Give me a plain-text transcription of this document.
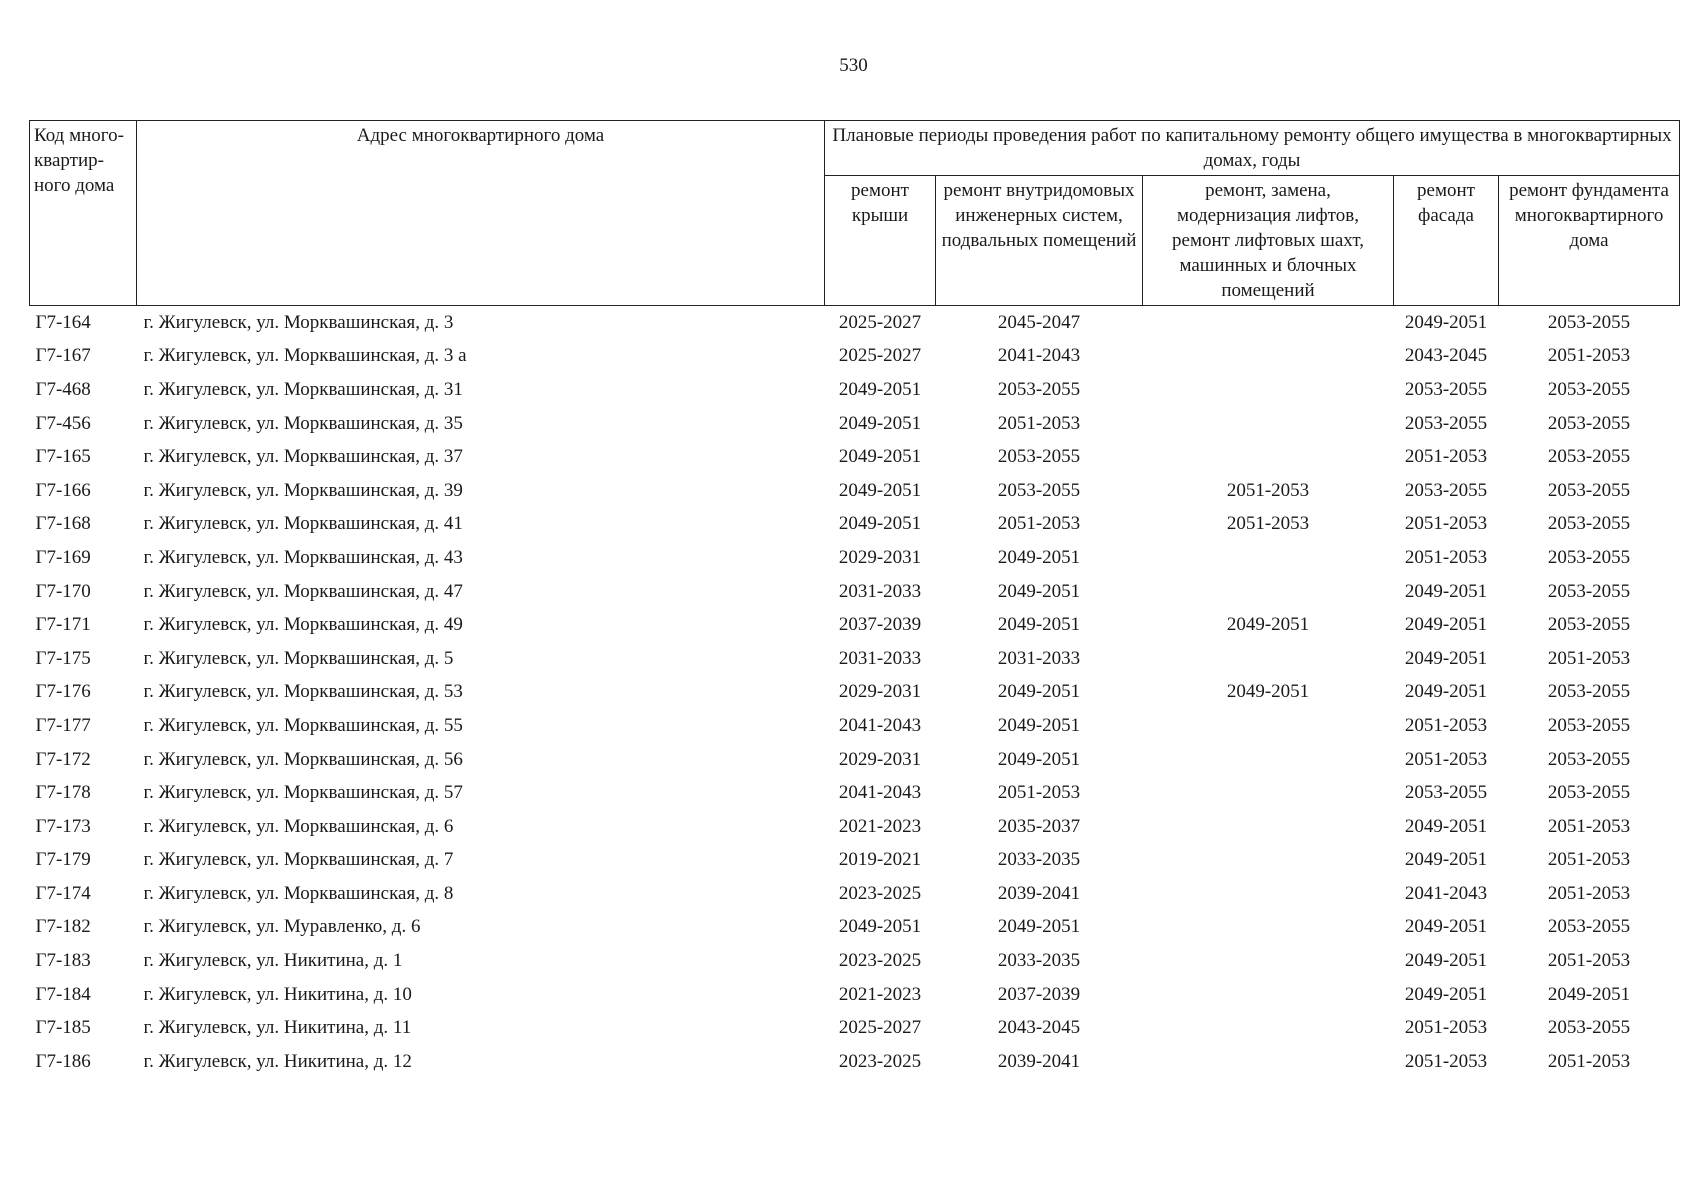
530
Код много-квартир-ного дома	Адрес многоквартирного дома	Плановые периоды проведения работ по капитальному ремонту общего имущества в многоквартирных домах, годы				
		ремонт крыши	ремонт внутридомовых инженерных систем, подвальных помещений	ремонт, замена, модернизация лифтов, ремонт лифтовых шахт, машинных и блочных помещений	ремонт фасада	ремонт фундамента многоквартирного дома
Г7-164	г. Жигулевск, ул. Морквашинская, д. 3	2025-2027	2045-2047		2049-2051	2053-2055
Г7-167	г. Жигулевск, ул. Морквашинская, д. 3 а	2025-2027	2041-2043		2043-2045	2051-2053
Г7-468	г. Жигулевск, ул. Морквашинская, д. 31	2049-2051	2053-2055		2053-2055	2053-2055
Г7-456	г. Жигулевск, ул. Морквашинская, д. 35	2049-2051	2051-2053		2053-2055	2053-2055
Г7-165	г. Жигулевск, ул. Морквашинская, д. 37	2049-2051	2053-2055		2051-2053	2053-2055
Г7-166	г. Жигулевск, ул. Морквашинская, д. 39	2049-2051	2053-2055	2051-2053	2053-2055	2053-2055
Г7-168	г. Жигулевск, ул. Морквашинская, д. 41	2049-2051	2051-2053	2051-2053	2051-2053	2053-2055
Г7-169	г. Жигулевск, ул. Морквашинская, д. 43	2029-2031	2049-2051		2051-2053	2053-2055
Г7-170	г. Жигулевск, ул. Морквашинская, д. 47	2031-2033	2049-2051		2049-2051	2053-2055
Г7-171	г. Жигулевск, ул. Морквашинская, д. 49	2037-2039	2049-2051	2049-2051	2049-2051	2053-2055
Г7-175	г. Жигулевск, ул. Морквашинская, д. 5	2031-2033	2031-2033		2049-2051	2051-2053
Г7-176	г. Жигулевск, ул. Морквашинская, д. 53	2029-2031	2049-2051	2049-2051	2049-2051	2053-2055
Г7-177	г. Жигулевск, ул. Морквашинская, д. 55	2041-2043	2049-2051		2051-2053	2053-2055
Г7-172	г. Жигулевск, ул. Морквашинская, д. 56	2029-2031	2049-2051		2051-2053	2053-2055
Г7-178	г. Жигулевск, ул. Морквашинская, д. 57	2041-2043	2051-2053		2053-2055	2053-2055
Г7-173	г. Жигулевск, ул. Морквашинская, д. 6	2021-2023	2035-2037		2049-2051	2051-2053
Г7-179	г. Жигулевск, ул. Морквашинская, д. 7	2019-2021	2033-2035		2049-2051	2051-2053
Г7-174	г. Жигулевск, ул. Морквашинская, д. 8	2023-2025	2039-2041		2041-2043	2051-2053
Г7-182	г. Жигулевск, ул. Муравленко, д. 6	2049-2051	2049-2051		2049-2051	2053-2055
Г7-183	г. Жигулевск, ул. Никитина, д. 1	2023-2025	2033-2035		2049-2051	2051-2053
Г7-184	г. Жигулевск, ул. Никитина, д. 10	2021-2023	2037-2039		2049-2051	2049-2051
Г7-185	г. Жигулевск, ул. Никитина, д. 11	2025-2027	2043-2045		2051-2053	2053-2055
Г7-186	г. Жигулевск, ул. Никитина, д. 12	2023-2025	2039-2041		2051-2053	2051-2053
